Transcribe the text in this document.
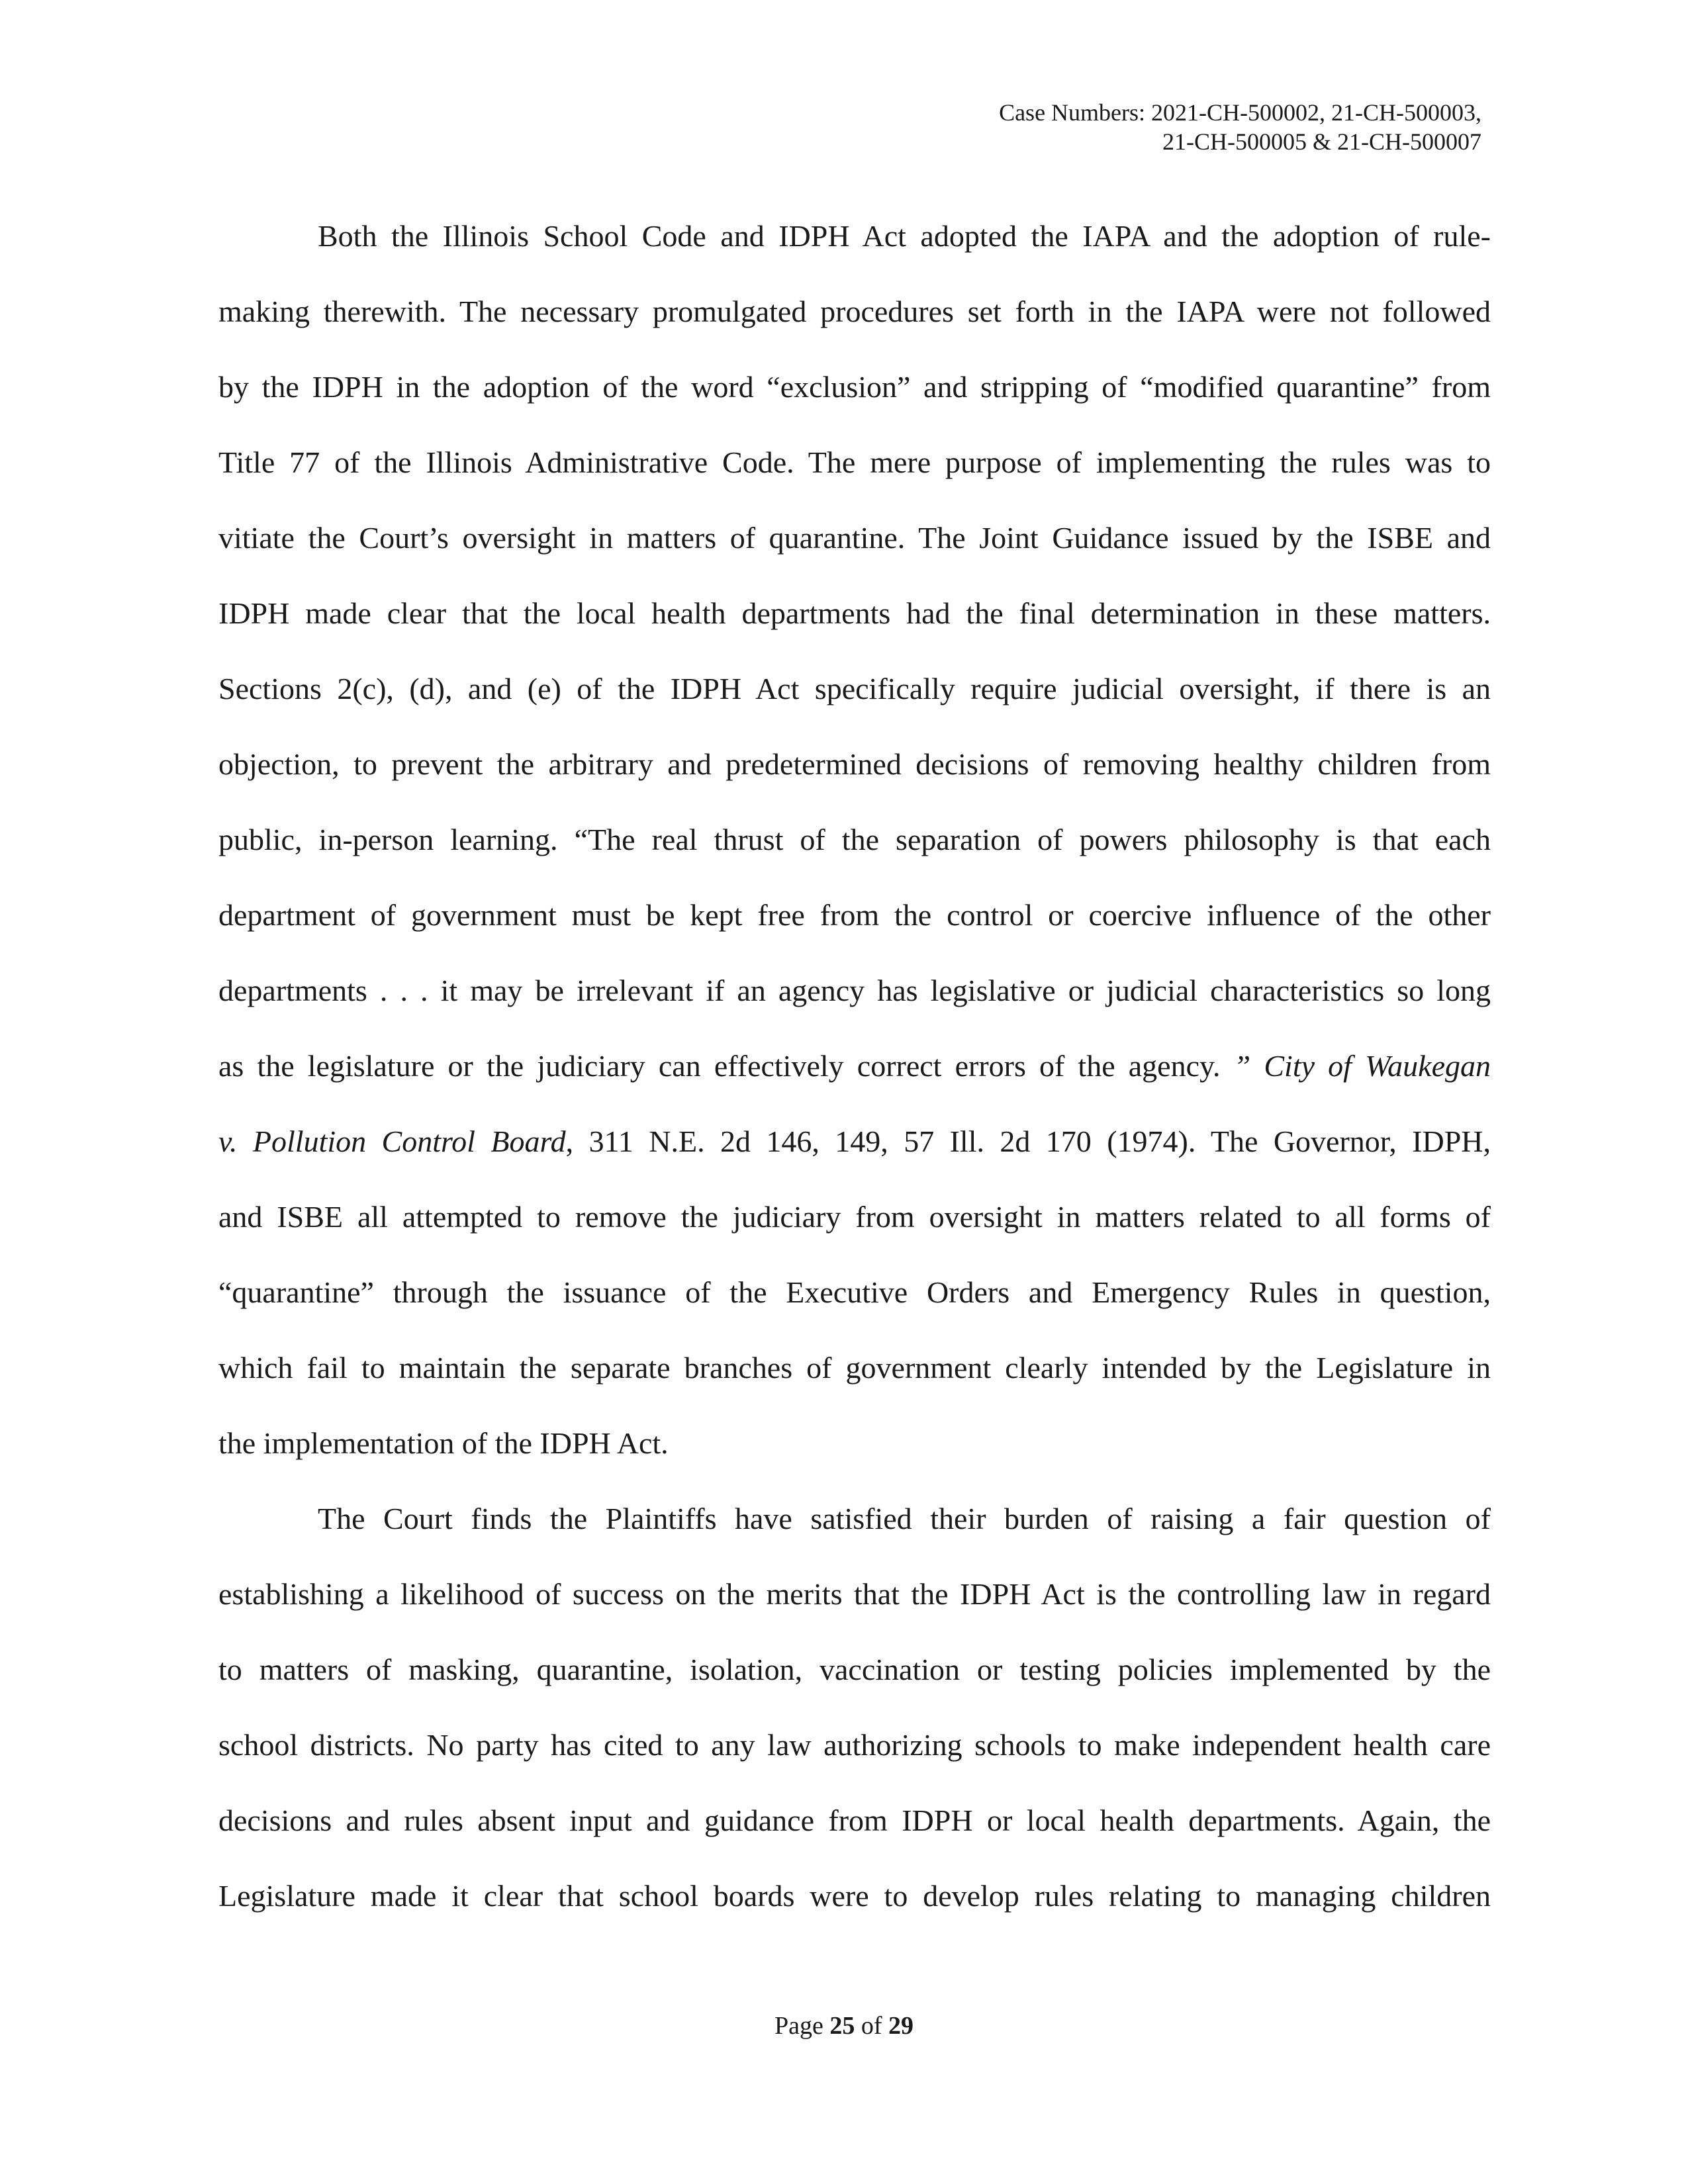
Case Numbers: 2021-CH-500002, 21-CH-500003,
21-CH-500005 & 21-CH-500007
Both the Illinois School Code and IDPH Act adopted the IAPA and the adoption of rule-
making therewith. The necessary promulgated procedures set forth in the IAPA were not followed
by the IDPH in the adoption of the word “exclusion” and stripping of “modified quarantine” from
Title 77 of the Illinois Administrative Code. The mere purpose of implementing the rules was to
vitiate the Court’s oversight in matters of quarantine. The Joint Guidance issued by the ISBE and
IDPH made clear that the local health departments had the final determination in these matters.
Sections 2(c), (d), and (e) of the IDPH Act specifically require judicial oversight, if there is an
objection, to prevent the arbitrary and predetermined decisions of removing healthy children from
public, in-person learning. “The real thrust of the separation of powers philosophy is that each
department of government must be kept free from the control or coercive influence of the other
departments . . . it may be irrelevant if an agency has legislative or judicial characteristics so long
as the legislature or the judiciary can effectively correct errors of the agency. ” City of Waukegan
v. Pollution Control Board, 311 N.E. 2d 146, 149, 57 Ill. 2d 170 (1974). The Governor, IDPH,
and ISBE all attempted to remove the judiciary from oversight in matters related to all forms of
“quarantine” through the issuance of the Executive Orders and Emergency Rules in question,
which fail to maintain the separate branches of government clearly intended by the Legislature in
the implementation of the IDPH Act.
The Court finds the Plaintiffs have satisfied their burden of raising a fair question of
establishing a likelihood of success on the merits that the IDPH Act is the controlling law in regard
to matters of masking, quarantine, isolation, vaccination or testing policies implemented by the
school districts. No party has cited to any law authorizing schools to make independent health care
decisions and rules absent input and guidance from IDPH or local health departments. Again, the
Legislature made it clear that school boards were to develop rules relating to managing children
Page 25 of 29
